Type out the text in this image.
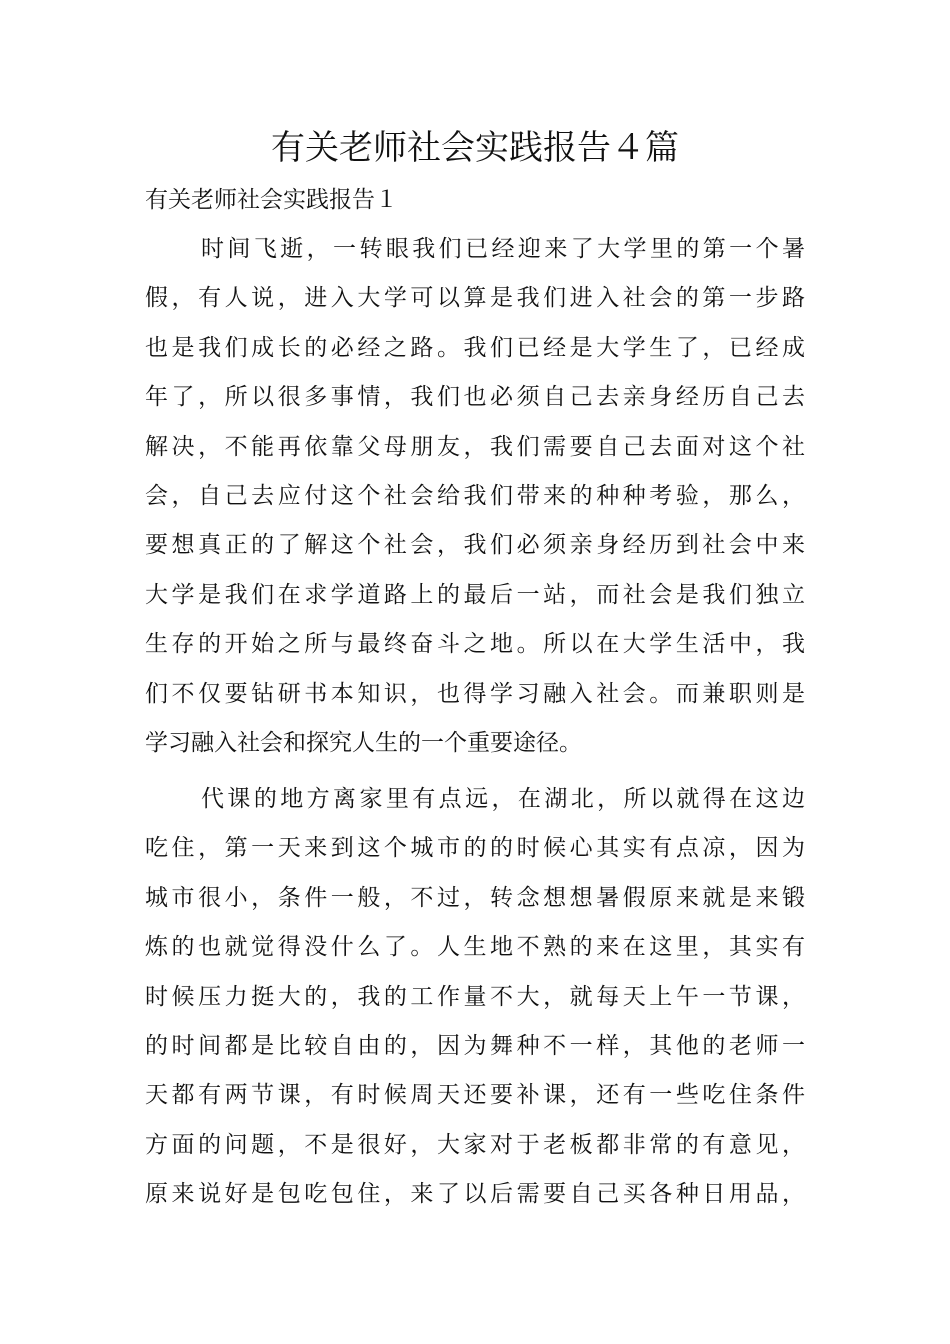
有关老师社会实践报告４篇
有关老师社会实践报告１
时间飞逝，一转眼我们已经迎来了大学里的第一个暑
假，有人说，进入大学可以算是我们进入社会的第一步路
也是我们成长的必经之路。我们已经是大学生了，已经成
年了，所以很多事情，我们也必须自己去亲身经历自己去
解决，不能再依靠父母朋友，我们需要自己去面对这个社
会，自己去应付这个社会给我们带来的种种考验，那么，
要想真正的了解这个社会，我们必须亲身经历到社会中来
大学是我们在求学道路上的最后一站，而社会是我们独立
生存的开始之所与最终奋斗之地。所以在大学生活中，我
们不仅要钻研书本知识，也得学习融入社会。而兼职则是
学习融入社会和探究人生的一个重要途径。
代课的地方离家里有点远，在湖北，所以就得在这边
吃住，第一天来到这个城市的的时候心其实有点凉，因为
城市很小，条件一般，不过，转念想想暑假原来就是来锻
炼的也就觉得没什么了。人生地不熟的来在这里，其实有
时候压力挺大的，我的工作量不大，就每天上午一节课，
的时间都是比较自由的，因为舞种不一样，其他的老师一
天都有两节课，有时候周天还要补课，还有一些吃住条件
方面的问题，不是很好，大家对于老板都非常的有意见，
原来说好是包吃包住，来了以后需要自己买各种日用品，
